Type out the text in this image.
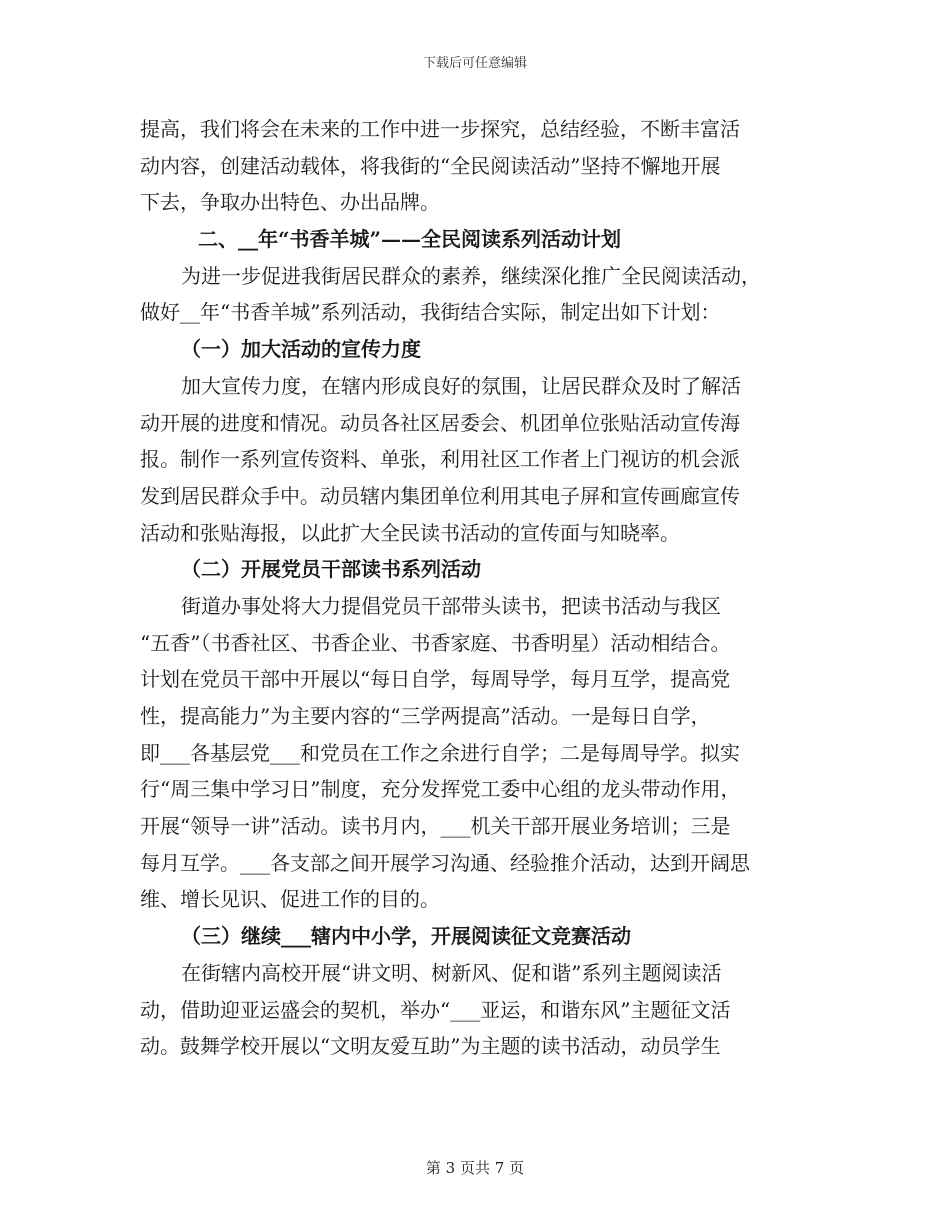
下载后可任意编辑
提高，我们将会在未来的工作中进一步探究，总结经验，不断丰富活
动内容，创建活动载体，将我街的“全民阅读活动”坚持不懈地开展
下去，争取办出特色、办出品牌。
二、__年“书香羊城”——全民阅读系列活动计划
为进一步促进我街居民群众的素养，继续深化推广全民阅读活动，
做好__年“书香羊城”系列活动，我街结合实际，制定出如下计划：
（一）加大活动的宣传力度
加大宣传力度，在辖内形成良好的氛围，让居民群众及时了解活
动开展的进度和情况。动员各社区居委会、机团单位张贴活动宣传海
报。制作一系列宣传资料、单张，利用社区工作者上门视访的机会派
发到居民群众手中。动员辖内集团单位利用其电子屏和宣传画廊宣传
活动和张贴海报，以此扩大全民读书活动的宣传面与知晓率。
（二）开展党员干部读书系列活动
街道办事处将大力提倡党员干部带头读书，把读书活动与我区
“五香”（书香社区、书香企业、书香家庭、书香明星）活动相结合。
计划在党员干部中开展以“每日自学，每周导学，每月互学，提高党
性，提高能力”为主要内容的“三学两提高”活动。一是每日自学，
即___各基层党___和党员在工作之余进行自学；二是每周导学。拟实
行“周三集中学习日”制度，充分发挥党工委中心组的龙头带动作用，
开展“领导一讲”活动。读书月内，___机关干部开展业务培训；三是
每月互学。___各支部之间开展学习沟通、经验推介活动，达到开阔思
维、增长见识、促进工作的目的。
（三）继续___辖内中小学，开展阅读征文竞赛活动
在街辖内高校开展“讲文明、树新风、促和谐”系列主题阅读活
动，借助迎亚运盛会的契机，举办“___亚运，和谐东风”主题征文活
动。鼓舞学校开展以“文明友爱互助”为主题的读书活动，动员学生
第 3 页共 7 页
